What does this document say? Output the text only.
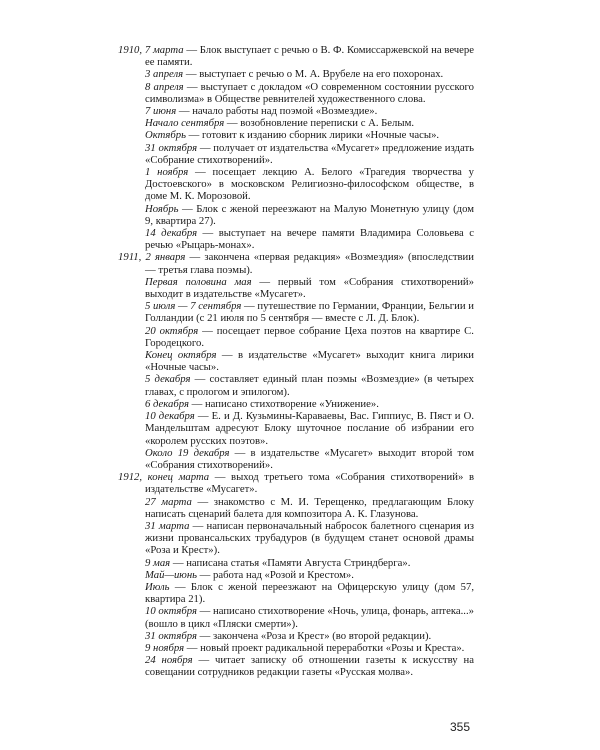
1910, 7 марта — Блок выступает с речью о В. Ф. Комиссаржевской на вечере ее памяти.

3 апреля — выступает с речью о М. А. Врубеле на его похоронах.

8 апреля — выступает с докладом «О современном состоянии русского символизма» в Обществе ревнителей художественного слова.

7 июня — начало работы над поэмой «Возмездие».

Начало сентября — возобновление переписки с А. Белым.

Октябрь — готовит к изданию сборник лирики «Ночные часы».

31 октября — получает от издательства «Мусагет» предложение издать «Собрание стихотворений».

1 ноября — посещает лекцию А. Белого «Трагедия творчества у Достоевского» в московском Религиозно-философском обществе, в доме М. К. Морозовой.

Ноябрь — Блок с женой переезжают на Малую Монетную улицу (дом 9, квартира 27).

14 декабря — выступает на вечере памяти Владимира Соловьева с речью «Рыцарь-монах».

1911, 2 января — закончена «первая редакция» «Возмездия» (впоследствии — третья глава поэмы).

Первая половина мая — первый том «Собрания стихотворений» выходит в издательстве «Мусагет».

5 июля — 7 сентября — путешествие по Германии, Франции, Бельгии и Голландии (с 21 июля по 5 сентября — вместе с Л. Д. Блок).

20 октября — посещает первое собрание Цеха поэтов на квартире С. Городецкого.

Конец октября — в издательстве «Мусагет» выходит книга лирики «Ночные часы».

5 декабря — составляет единый план поэмы «Возмездие» (в четырех главах, с прологом и эпилогом).

6 декабря — написано стихотворение «Унижение».

10 декабря — Е. и Д. Кузьмины-Караваевы, Вас. Гиппиус, В. Пяст и О. Мандельштам адресуют Блоку шуточное послание об избрании его «королем русских поэтов».

Около 19 декабря — в издательстве «Мусагет» выходит второй том «Собрания стихотворений».

1912, конец марта — выход третьего тома «Собрания стихотворений» в издательстве «Мусагет».

27 марта — знакомство с М. И. Терещенко, предлагающим Блоку написать сценарий балета для композитора А. К. Глазунова.

31 марта — написан первоначальный набросок балетного сценария из жизни провансальских трубадуров (в будущем станет основой драмы «Роза и Крест»).

9 мая — написана статья «Памяти Августа Стриндберга».

Май—июнь — работа над «Розой и Крестом».

Июль — Блок с женой переезжают на Офицерскую улицу (дом 57, квартира 21).

10 октября — написано стихотворение «Ночь, улица, фонарь, аптека...» (вошло в цикл «Пляски смерти»).

31 октября — закончена «Роза и Крест» (во второй редакции).

9 ноября — новый проект радикальной переработки «Розы и Креста».

24 ноября — читает записку об отношении газеты к искусству на совещании сотрудников редакции газеты «Русская молва».

355
